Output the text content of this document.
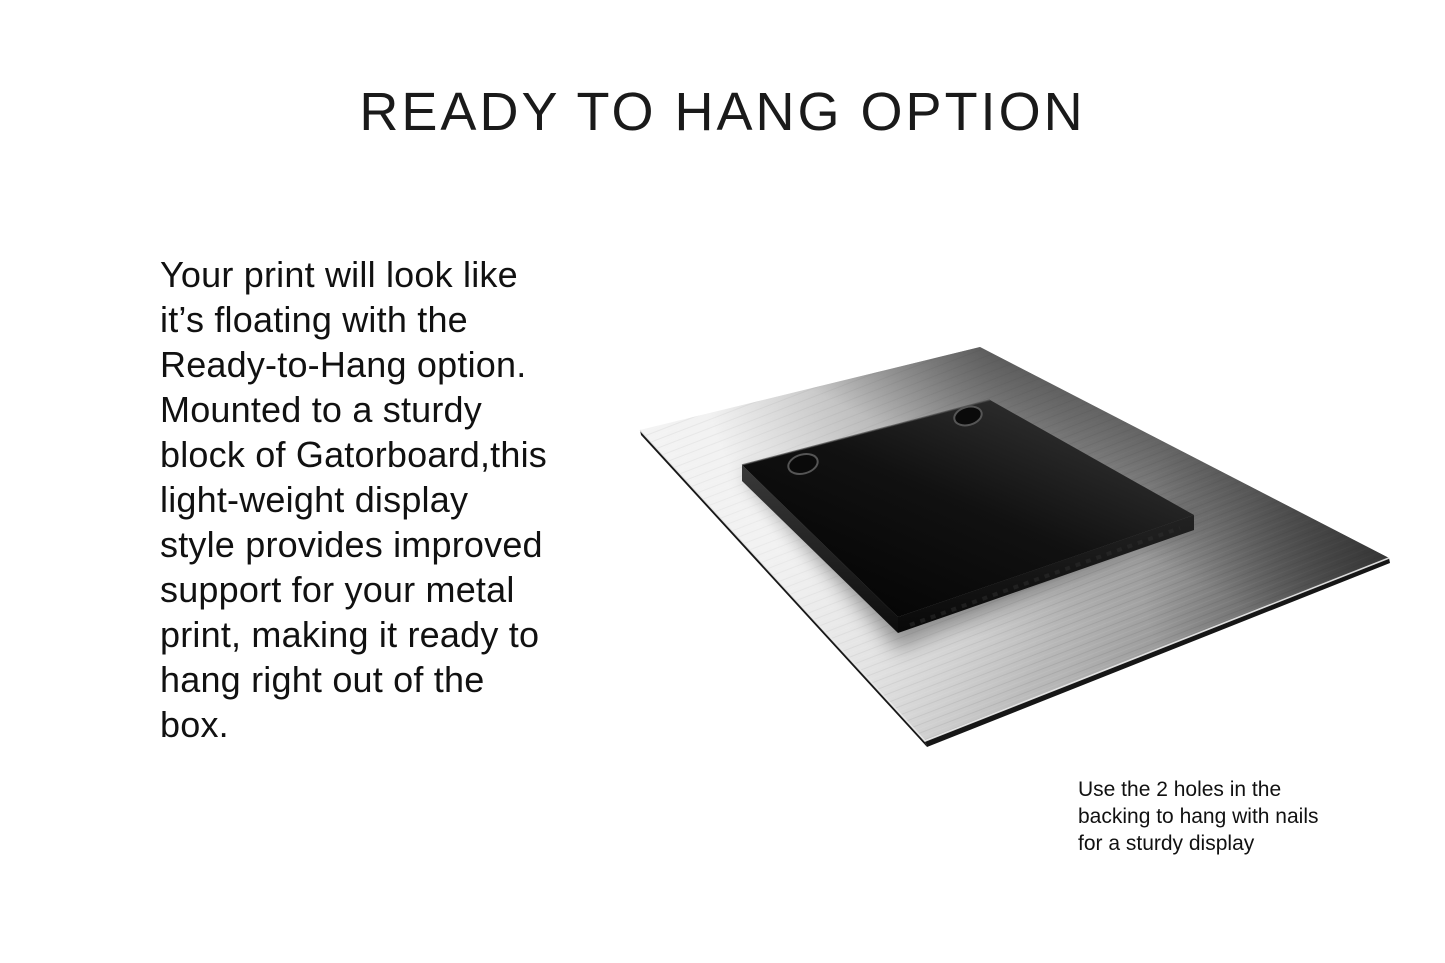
READY TO HANG OPTION
Your print will look like
it’s floating with the
Ready-to-Hang option.
Mounted to a sturdy
block of Gatorboard,this
light-weight display
style provides improved
support for your metal
print, making it ready to
hang right out of the
box.
Use the 2 holes in the
backing to hang with nails
for a sturdy display
